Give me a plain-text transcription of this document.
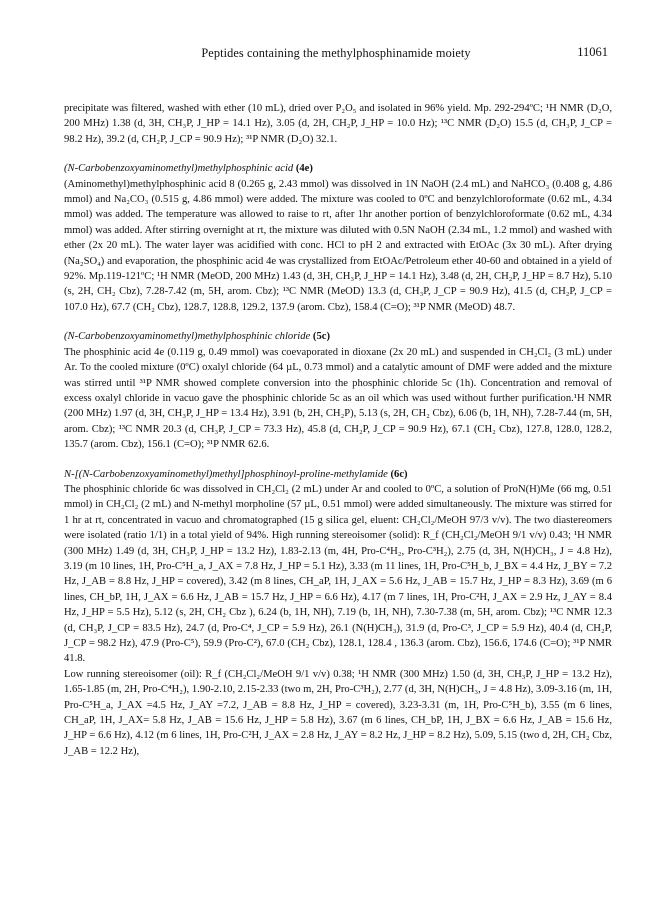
Peptides containing the methylphosphinamide moiety	11061

precipitate was filtered, washed with ether (10 mL), dried over P₂O₅ and isolated in 96% yield. Mp. 292-294ºC; ¹H NMR (D₂O, 200 MHz) 1.38 (d, 3H, CH₃P, J_HP = 14.1 Hz), 3.05 (d, 2H, CH₂P, J_HP = 10.0 Hz); ¹³C NMR (D₂O) 15.5 (d, CH₃P, J_CP = 98.2 Hz), 39.2 (d, CH₂P, J_CP = 90.9 Hz); ³¹P NMR (D₂O) 32.1.

(N-Carbobenzoxyaminomethyl)methylphosphinic acid (4e)

(Aminomethyl)methylphosphinic acid 8 (0.265 g, 2.43 mmol) was dissolved in 1N NaOH (2.4 mL) and NaHCO₃ (0.408 g, 4.86 mmol) and Na₂CO₃ (0.515 g, 4.86 mmol) were added. The mixture was cooled to 0ºC and benzylchloroformate (0.62 mL, 4.34 mmol) was added. The temperature was allowed to raise to rt, after 1hr another portion of benzylchloroformate (0.62 mL, 4.34 mmol) was added. After stirring overnight at rt, the mixture was diluted with 0.5N NaOH (2.34 mL, 1.2 mmol) and washed with ether (2x 20 mL). The water layer was acidified with conc. HCl to pH 2 and extracted with EtOAc (3x 30 mL). After drying (Na₂SO₄) and evaporation, the phosphinic acid 4e was crystallized from EtOAc/Petroleum ether 40-60 and obtained in a yield of 92%. Mp.119-121ºC; ¹H NMR (MeOD, 200 MHz) 1.43 (d, 3H, CH₃P, J_HP = 14.1 Hz), 3.48 (d, 2H, CH₂P, J_HP = 8.7 Hz), 5.10 (s, 2H, CH₂ Cbz), 7.28-7.42 (m, 5H, arom. Cbz); ¹³C NMR (MeOD) 13.3 (d, CH₃P, J_CP = 90.9 Hz), 41.5 (d, CH₂P, J_CP = 107.0 Hz), 67.7 (CH₂ Cbz), 128.7, 128.8, 129.2, 137.9 (arom. Cbz), 158.4 (C=O); ³¹P NMR (MeOD) 48.7.

(N-Carbobenzoxyaminomethyl)methylphosphinic chloride (5c)

The phosphinic acid 4e (0.119 g, 0.49 mmol) was coevaporated in dioxane (2x 20 mL) and suspended in CH₂Cl₂ (3 mL) under Ar. To the cooled mixture (0ºC) oxalyl chloride (64 µL, 0.73 mmol) and a catalytic amount of DMF were added and the mixture was stirred until ³¹P NMR showed complete conversion into the phosphinic chloride 5c (1h). Concentration and removal of excess oxalyl chloride in vacuo gave the phosphinic chloride 5c as an oil which was used without further purification.¹H NMR (200 MHz) 1.97 (d, 3H, CH₃P, J_HP = 13.4 Hz), 3.91 (b, 2H, CH₂P), 5.13 (s, 2H, CH₂ Cbz), 6.06 (b, 1H, NH), 7.28-7.44 (m, 5H, arom. Cbz); ¹³C NMR 20.3 (d, CH₃P, J_CP = 73.3 Hz), 45.8 (d, CH₂P, J_CP = 90.9 Hz), 67.1 (CH₂ Cbz), 127.8, 128.0, 128.2, 135.7 (arom. Cbz), 156.1 (C=O); ³¹P NMR 62.6.

N-[(N-Carbobenzoxyaminomethyl)methyl]phosphinoyl-proline-methylamide (6c)

The phosphinic chloride 6c was dissolved in CH₂Cl₂ (2 mL) under Ar and cooled to 0ºC, a solution of ProN(H)Me (66 mg, 0.51 mmol) in CH₂Cl₂ (2 mL) and N-methyl morpholine (57 µL, 0.51 mmol) were added simultaneously. The mixture was stirred for 1 hr at rt, concentrated in vacuo and chromatographed (15 g silica gel, eluent: CH₂Cl₂/MeOH 97/3 v/v). The two diastereomers were isolated (ratio 1/1) in a total yield of 94%. High running stereoisomer (solid): R_f (CH₂Cl₂/MeOH 9/1 v/v) 0.43; ¹H NMR (300 MHz) 1.49 (d, 3H, CH₃P, J_HP = 13.2 Hz), 1.83-2.13 (m, 4H, Pro-C⁴H₂, Pro-C³H₂), 2.75 (d, 3H, N(H)CH₃, J = 4.8 Hz), 3.19 (m 10 lines, 1H, Pro-C⁵H_a, J_AX = 7.8 Hz, J_HP = 5.1 Hz), 3.33 (m 11 lines, 1H, Pro-C⁵H_b, J_BX = 4.4 Hz, J_BY = 7.2 Hz, J_AB = 8.8 Hz, J_HP = covered), 3.42 (m 8 lines, CH_aP, 1H, J_AX = 5.6 Hz, J_AB = 15.7 Hz, J_HP = 8.3 Hz), 3.69 (m 6 lines, CH_bP, 1H, J_AX = 6.6 Hz, J_AB = 15.7 Hz, J_HP = 6.6 Hz), 4.17 (m 7 lines, 1H, Pro-C²H, J_AX = 2.9 Hz, J_AY = 8.4 Hz, J_HP = 5.5 Hz), 5.12 (s, 2H, CH₂ Cbz ), 6.24 (b, 1H, NH), 7.19 (b, 1H, NH), 7.30-7.38 (m, 5H, arom. Cbz); ¹³C NMR 12.3 (d, CH₃P, J_CP = 83.5 Hz), 24.7 (d, Pro-C⁴, J_CP = 5.9 Hz), 26.1 (N(H)CH₃), 31.9 (d, Pro-C³, J_CP = 5.9 Hz), 40.4 (d, CH₂P, J_CP = 98.2 Hz), 47.9 (Pro-C⁵), 59.9 (Pro-C²), 67.0 (CH₂ Cbz), 128.1, 128.4 , 136.3 (arom. Cbz), 156.6, 174.6 (C=O); ³¹P NMR 41.8.

Low running stereoisomer (oil): R_f (CH₂Cl₂/MeOH 9/1 v/v) 0.38; ¹H NMR (300 MHz) 1.50 (d, 3H, CH₃P, J_HP = 13.2 Hz), 1.65-1.85 (m, 2H, Pro-C⁴H₂), 1.90-2.10, 2.15-2.33 (two m, 2H, Pro-C³H₂), 2.77 (d, 3H, N(H)CH₃, J = 4.8 Hz), 3.09-3.16 (m, 1H, Pro-C⁵H_a, J_AX =4.5 Hz, J_AY =7.2, J_AB = 8.8 Hz, J_HP = covered), 3.23-3.31 (m, 1H, Pro-C⁵H_b), 3.55 (m 6 lines, CH_aP, 1H, J_AX= 5.8 Hz, J_AB = 15.6 Hz, J_HP = 5.8 Hz), 3.67 (m 6 lines, CH_bP, 1H, J_BX = 6.6 Hz, J_AB = 15.6 Hz, J_HP = 6.6 Hz), 4.12 (m 6 lines, 1H, Pro-C²H, J_AX = 2.8 Hz, J_AY = 8.2 Hz, J_HP = 8.2 Hz), 5.09, 5.15 (two d, 2H, CH₂ Cbz, J_AB = 12.2 Hz),
